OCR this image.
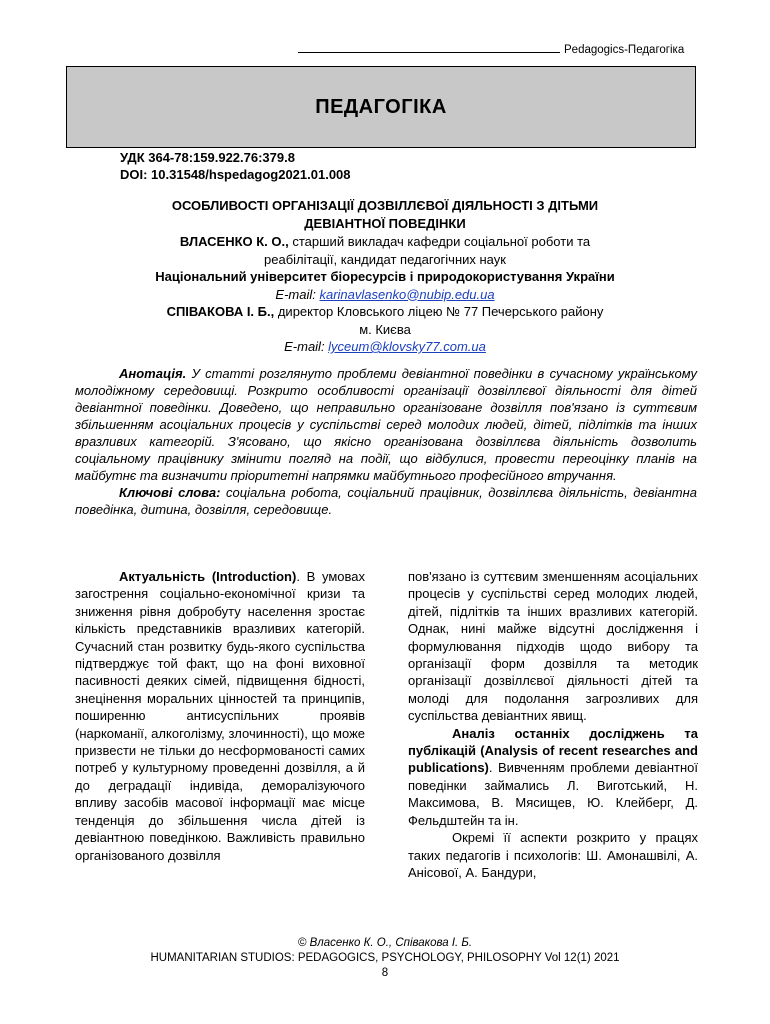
Pedagogics-Педагогіка
ПЕДАГОГІКА
УДК 364-78:159.922.76:379.8
DOI: 10.31548/hspedagog2021.01.008
ОСОБЛИВОСТІ ОРГАНІЗАЦІЇ ДОЗВІЛЛЄВОЇ ДІЯЛЬНОСТІ З ДІТЬМИ
ДЕВІАНТНОЇ ПОВЕДІНКИ
ВЛАСЕНКО К. О., старший викладач кафедри соціальної роботи та
реабілітації, кандидат педагогічних наук
Національний університет біоресурсів і природокористування України
E-mail: karinavlasenko@nubip.edu.ua
СПІВАКОВА І. Б., директор Кловського ліцею № 77 Печерського району
м. Києва
E-mail: lyceum@klovsky77.com.ua

Анотація. У статті розглянуто проблеми девіантної поведінки в сучасному українському молодіжному середовищі. Розкрито особливості організації дозвіллєвої діяльності для дітей девіантної поведінки. Доведено, що неправильно організоване дозвілля пов'язано із суттєвим збільшенням асоціальних процесів у суспільстві серед молодих людей, дітей, підлітків та інших вразливих категорій. З'ясовано, що якісно організована дозвіллєва діяльність дозволить соціальному працівнику змінити погляд на події, що відбулися, провести переоцінку планів на майбутнє та визначити пріоритетні напрямки майбутнього професійного втручання.

Ключові слова: соціальна робота, соціальний працівник, дозвіллєва діяльність, девіантна поведінка, дитина, дозвілля, середовище.

Актуальність (Introduction). В умовах загострення соціально-економічної кризи та зниження рівня добробуту населення зростає кількість представників вразливих категорій. Сучасний стан розвитку будь-якого суспільства підтверджує той факт, що на фоні виховної пасивності деяких сімей, підвищення бідності, знецінення моральних цінностей та принципів, поширенню антисуспільних проявів (наркоманії, алкоголізму, злочинності), що може призвести не тільки до несформованості самих потреб у культурному проведенні дозвілля, а й до деградації індивіда, деморалізуючого впливу засобів масової інформації має місце тенденція до збільшення числа дітей із девіантною поведінкою. Важливість правильно організованого дозвілля

пов'язано із суттєвим зменшенням асоціальних процесів у суспільстві серед молодих людей, дітей, підлітків та інших вразливих категорій. Однак, нині майже відсутні дослідження і формулювання підходів щодо вибору та організації форм дозвілля та методик організації дозвіллєвої діяльності дітей та молоді для подолання загрозливих для суспільства девіантних явищ.

Аналіз останніх досліджень та публікацій (Analysis of recent researches and publications). Вивченням проблеми девіантної поведінки займались Л. Виготський, Н. Максимова, В. Мясищев, Ю. Клейберг, Д. Фельдштейн та ін.

Окремі її аспекти розкрито у працях таких педагогів і психологів: Ш. Амонашвілі, А. Анісової, А. Бандури,

© Власенко К. О., Співакова І. Б.
HUMANITARIAN STUDIOS: PEDAGOGICS, PSYCHOLOGY, PHILOSOPHY Vol 12(1) 2021
8
